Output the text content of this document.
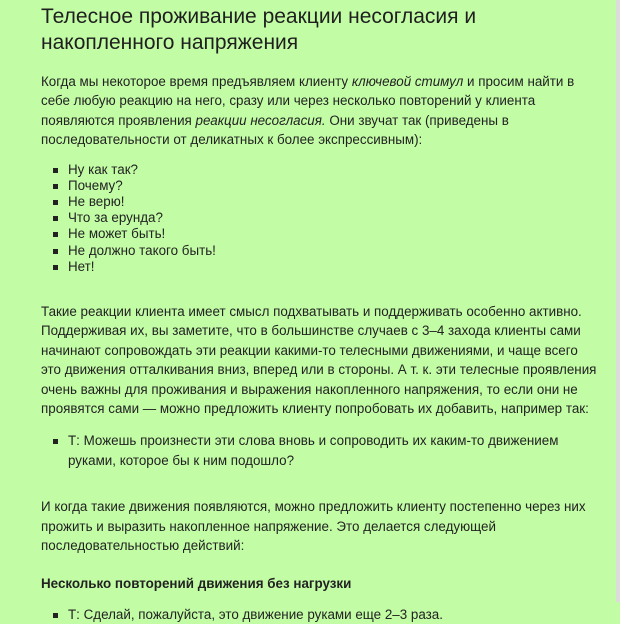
Телесное проживание реакции несогласия и накопленного напряжения

Когда мы некоторое время предъявляем клиенту ключевой стимул и просим найти в себе любую реакцию на него, сразу или через несколько повторений у клиента появляются проявления реакции несогласия. Они звучат так (приведены в последовательности от деликатных к более экспрессивным):

Ну как так?
Почему?
Не верю!
Что за ерунда?
Не может быть!
Не должно такого быть!
Нет!

Такие реакции клиента имеет смысл подхватывать и поддерживать особенно активно. Поддерживая их, вы заметите, что в большинстве случаев с 3–4 захода клиенты сами начинают сопровождать эти реакции какими-то телесными движениями, и чаще всего это движения отталкивания вниз, вперед или в стороны. А т. к. эти телесные проявления очень важны для проживания и выражения накопленного напряжения, то если они не проявятся сами — можно предложить клиенту попробовать их добавить, например так:

Т: Можешь произнести эти слова вновь и сопроводить их каким-то движением руками, которое бы к ним подошло?

И когда такие движения появляются, можно предложить клиенту постепенно через них прожить и выразить накопленное напряжение. Это делается следующей последовательностью действий:

Несколько повторений движения без нагрузки
Т: Сделай, пожалуйста, это движение руками еще 2–3 раза.
